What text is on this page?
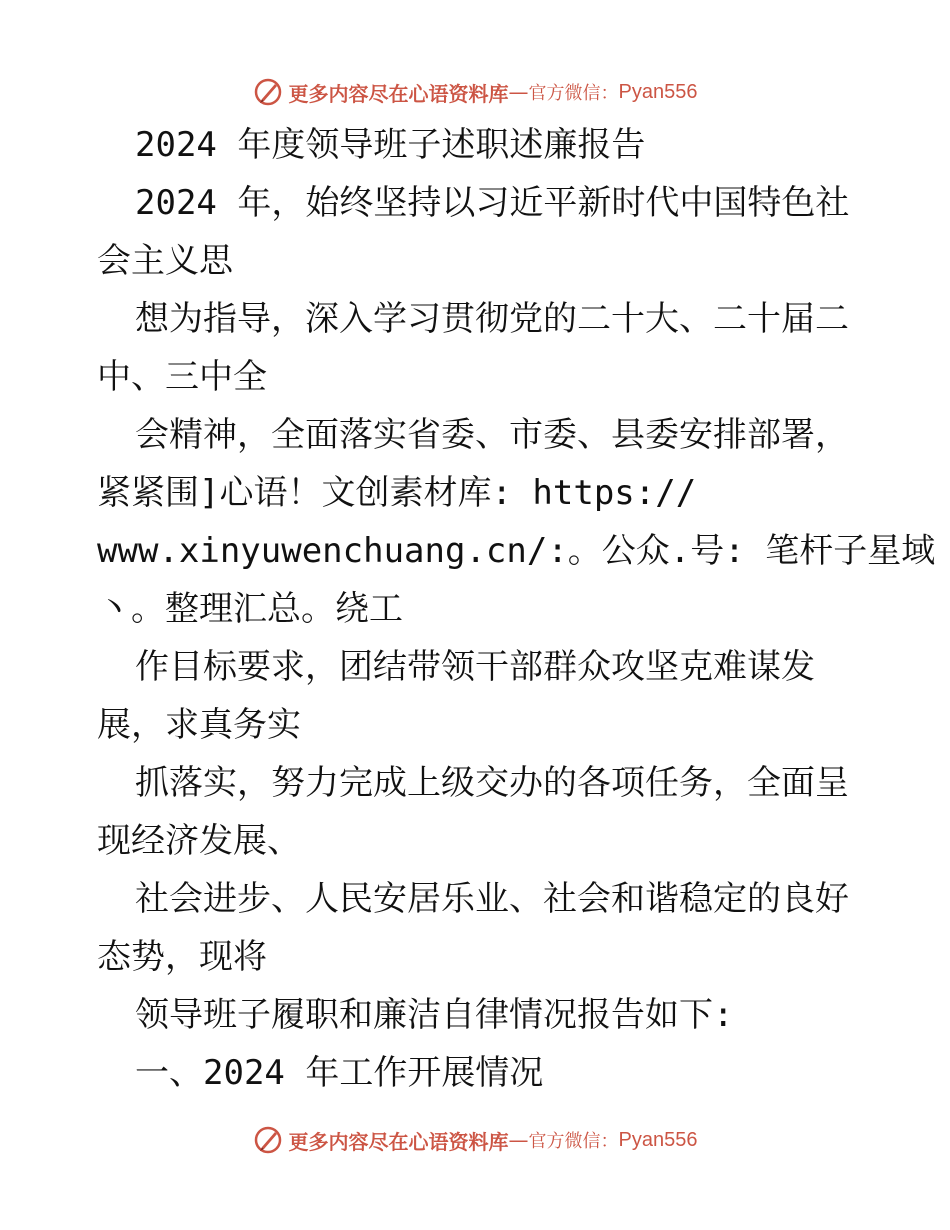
更多内容尽在心语资料库 — 官方微信： Pyan556
2024 年度领导班子述职述廉报告
2024 年，始终坚持以习近平新时代中国特色社
会主义思
想为指导，深入学习贯彻党的二十大、二十届二
中、三中全
会精神，全面落实省委、市委、县委安排部署，
紧紧围]心语！文创素材库: https://
www.xinyuwenchuang.cn/:。公众.号: 笔杆子星域
丶。整理汇总。绕工
作目标要求，团结带领干部群众攻坚克难谋发
展，求真务实
抓落实，努力完成上级交办的各项任务，全面呈
现经济发展、
社会进步、人民安居乐业、社会和谐稳定的良好
态势，现将
领导班子履职和廉洁自律情况报告如下:
一、2024 年工作开展情况
更多内容尽在心语资料库 — 官方微信： Pyan556
